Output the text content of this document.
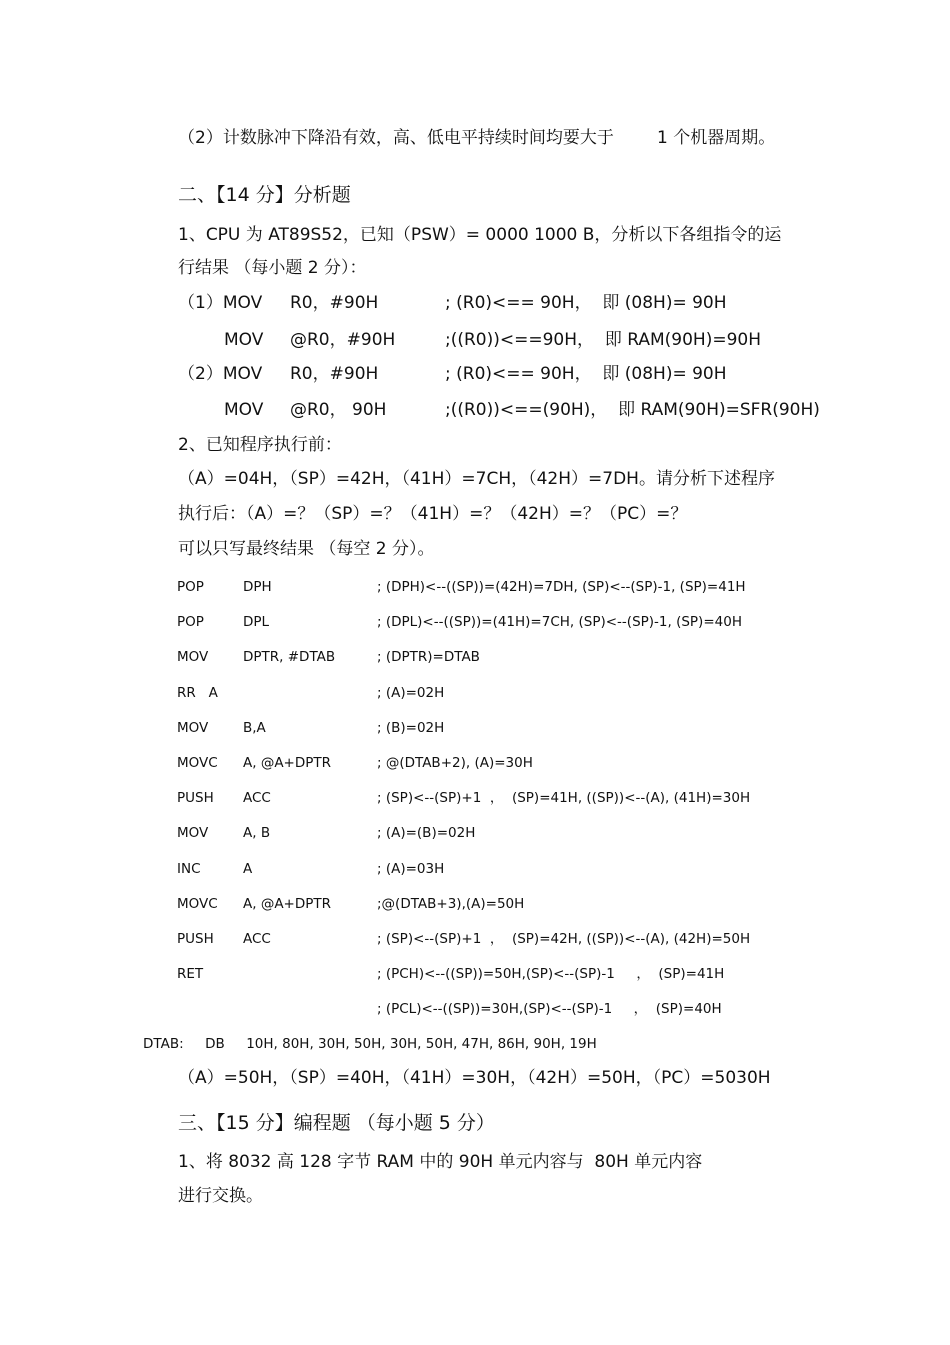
（2）计数脉冲下降沿有效，高、低电平持续时间均要大于        1 个机器周期。
二、【14 分】分析题
1、CPU 为 AT89S52，已知（PSW）= 0000 1000 B，分析以下各组指令的运
行结果 （每小题 2 分）：
（1）MOV R0，#90H	; (R0)<== 90H，  即 (08H)= 90H
MOV @R0，#90H	;((R0))<==90H，  即 RAM(90H)=90H
（2）MOV R0，#90H	; (R0)<== 90H，  即 (08H)= 90H
MOV @R0， 90H	;((R0))<==(90H)，  即 RAM(90H)=SFR(90H)
2、已知程序执行前：
（A）=04H，（SP）=42H，（41H）=7CH，（42H）=7DH。请分析下述程序
执行后：（A）=？（SP）=？（41H）=？（42H）=？（PC）=？
可以只写最终结果 （每空 2 分）。
POP	DPH	; (DPH)<--((SP))=(42H)=7DH, (SP)<--(SP)-1, (SP)=41H
POP	DPL	; (DPL)<--((SP))=(41H)=7CH, (SP)<--(SP)-1, (SP)=40H
MOV	DPTR, #DTAB	; (DPTR)=DTAB
RR   A	; (A)=02H
MOV	B,A	; (B)=02H
MOVC A, @A+DPTR	; @(DTAB+2), (A)=30H
PUSH ACC	; (SP)<--(SP)+1  ，  (SP)=41H, ((SP))<--(A), (41H)=30H
MOV	A, B	; (A)=(B)=02H
INC	A	; (A)=03H
MOVC A, @A+DPTR	;@(DTAB+3),(A)=50H
PUSH ACC	; (SP)<--(SP)+1  ，  (SP)=42H, ((SP))<--(A), (42H)=50H
RET	; (PCH)<--((SP))=50H,(SP)<--(SP)-1     ，  (SP)=41H
; (PCL)<--((SP))=30H,(SP)<--(SP)-1     ，  (SP)=40H
DTAB:     DB     10H, 80H, 30H, 50H, 30H, 50H, 47H, 86H, 90H, 19H
（A）=50H，（SP）=40H，（41H）=30H，（42H）=50H，（PC）=5030H
三、【15 分】编程题 （每小题 5 分）
1、将 8032 高 128 字节 RAM 中的 90H 单元内容与  80H 单元内容
进行交换。
